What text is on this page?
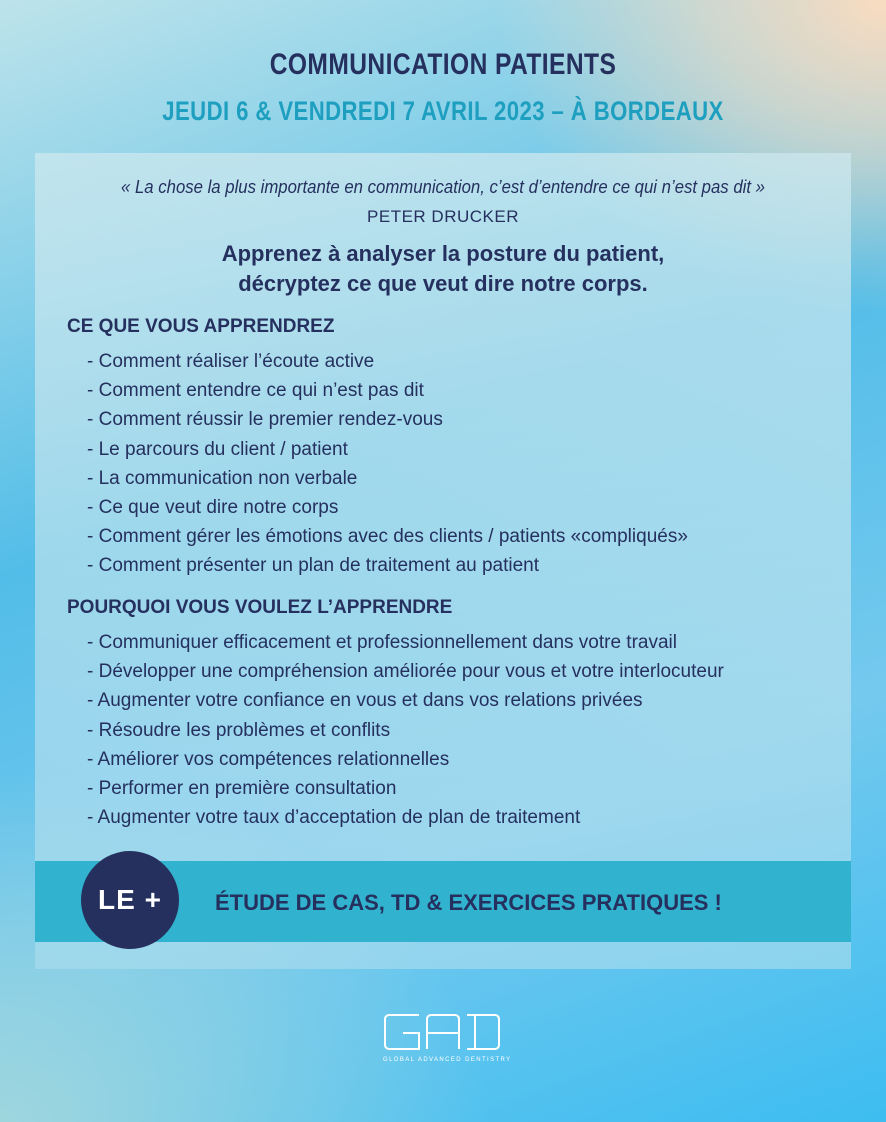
COMMUNICATION PATIENTS
JEUDI 6 & VENDREDI 7 AVRIL 2023 – À BORDEAUX
« La chose la plus importante en communication, c’est d’entendre ce qui n’est pas dit »
PETER DRUCKER
Apprenez à analyser la posture du patient,
décryptez ce que veut dire notre corps.
CE QUE VOUS APPRENDREZ
- Comment réaliser l’écoute active
- Comment entendre ce qui n’est pas dit
- Comment réussir le premier rendez-vous
- Le parcours du client / patient
- La communication non verbale
- Ce que veut dire notre corps
- Comment gérer les émotions avec des clients / patients «compliqués»
- Comment présenter un plan de traitement au patient
POURQUOI VOUS VOULEZ L’APPRENDRE
- Communiquer efficacement et professionnellement dans votre travail
- Développer une compréhension améliorée pour vous et votre interlocuteur
- Augmenter votre confiance en vous et dans vos relations privées
- Résoudre les problèmes et conflits
- Améliorer vos compétences relationnelles
- Performer en première consultation
- Augmenter votre taux d’acceptation de plan de traitement
ÉTUDE DE CAS, TD & EXERCICES PRATIQUES !
LE +
GLOBAL ADVANCED DENTISTRY
